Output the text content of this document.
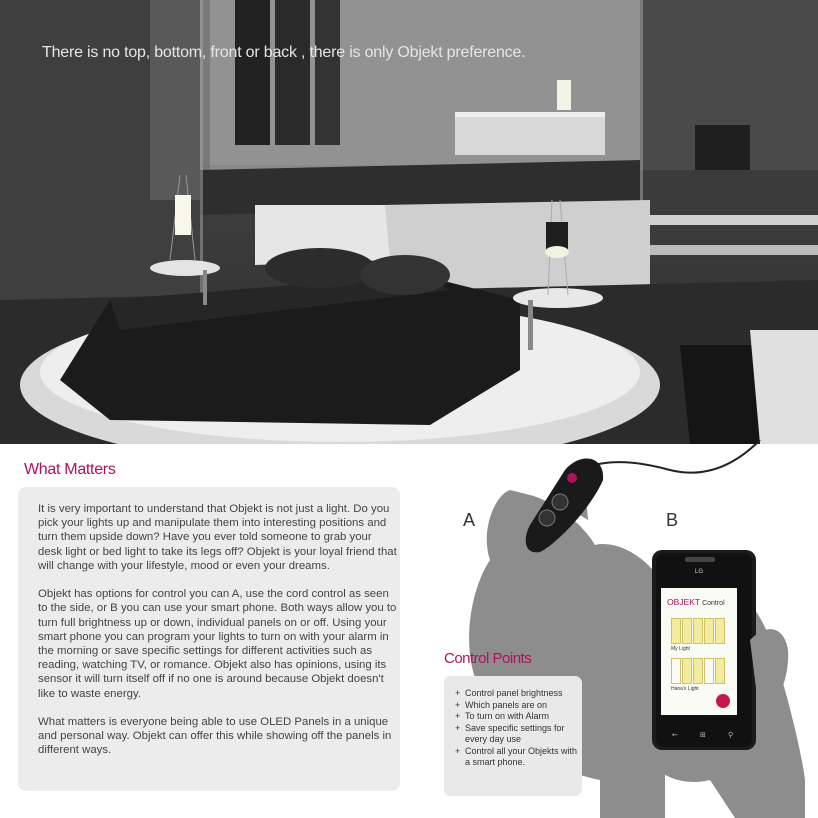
There is no top, bottom, front or back , there is only Objekt preference.
What Matters

It is very important to understand that Objekt is not just a light. Do you pick your lights up and manipulate them into interesting positions and turn them upside down? Have you ever told someone to grab your desk light or bed light to take its legs off? Objekt is your loyal friend that will change with your lifestyle, mood or even your dreams.

Objekt has options for control you can A, use the cord control as seen to the side, or B you can use your smart phone. Both ways allow you to turn full brightness up or down, individual panels on or off. Using your smart phone you can program your lights to turn on with your alarm in the morning or save specific settings for different activities such as reading, watching TV, or romance. Objekt also has opinions, using its sensor it will turn itself off if no one is around because Objekt doesn't like to waste energy.

What matters is everyone being able to use OLED Panels in a unique and personal way. Objekt can offer this while showing off the panels in different ways.

LG
←	⊞	⚲
OBJEKT Control
My Light
Hana's Light
A	B
Control Points
+ Control panel brightness
+ Which panels are on
+ To turn on with Alarm
+ Save specific settings for every day use
+ Control all your Objekts with a smart phone.
